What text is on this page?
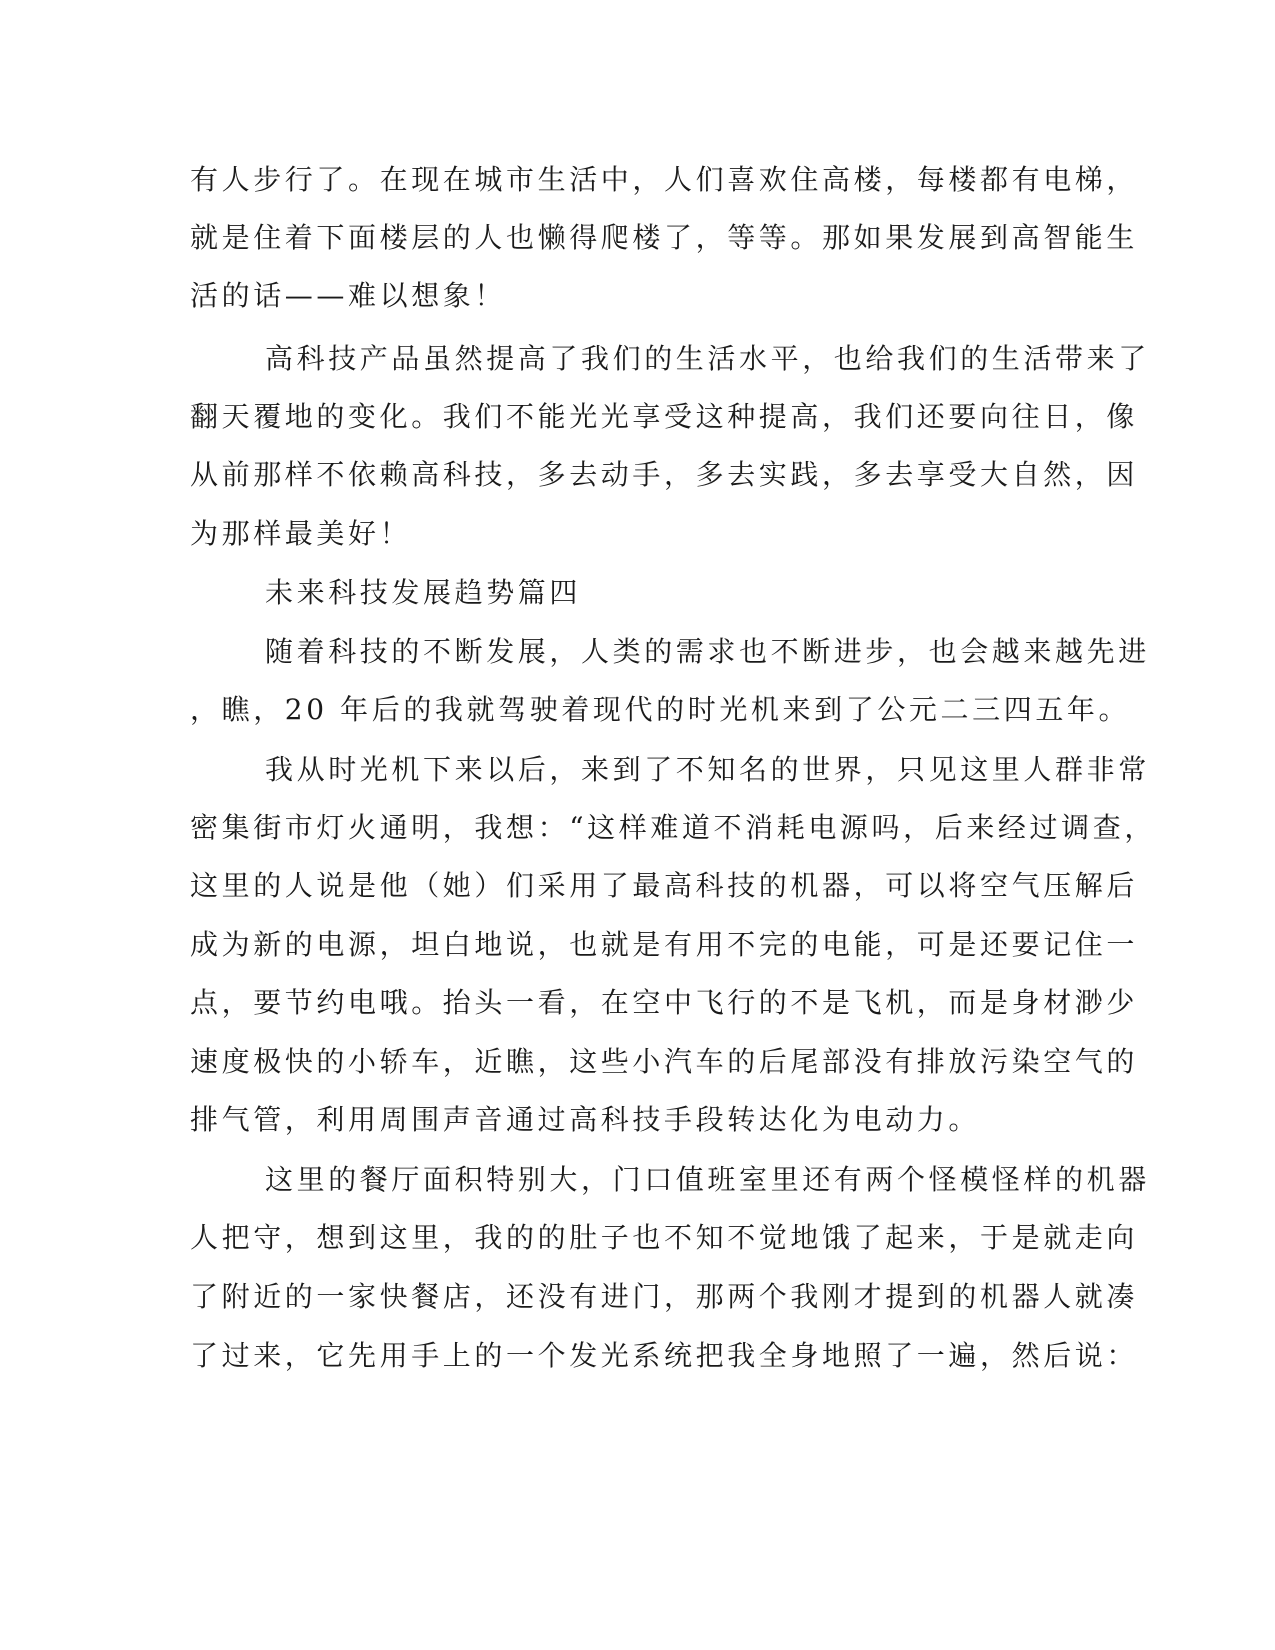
有人步行了。在现在城市生活中，人们喜欢住高楼，每楼都有电梯，
就是住着下面楼层的人也懒得爬楼了，等等。那如果发展到高智能生
活的话——难以想象！
高科技产品虽然提高了我们的生活水平，也给我们的生活带来了
翻天覆地的变化。我们不能光光享受这种提高，我们还要向往日，像
从前那样不依赖高科技，多去动手，多去实践，多去享受大自然，因
为那样最美好！
未来科技发展趋势篇四
随着科技的不断发展，人类的需求也不断进步，也会越来越先进
，瞧，20 年后的我就驾驶着现代的时光机来到了公元二三四五年。
我从时光机下来以后，来到了不知名的世界，只见这里人群非常
密集街市灯火通明，我想：“这样难道不消耗电源吗，后来经过调查，
这里的人说是他（她）们采用了最高科技的机器，可以将空气压解后
成为新的电源，坦白地说，也就是有用不完的电能，可是还要记住一
点，要节约电哦。抬头一看，在空中飞行的不是飞机，而是身材渺少
速度极快的小轿车，近瞧，这些小汽车的后尾部没有排放污染空气的
排气管，利用周围声音通过高科技手段转达化为电动力。
这里的餐厅面积特别大，门口值班室里还有两个怪模怪样的机器
人把守，想到这里，我的的肚子也不知不觉地饿了起来，于是就走向
了附近的一家快餐店，还没有进门，那两个我刚才提到的机器人就凑
了过来，它先用手上的一个发光系统把我全身地照了一遍，然后说：
